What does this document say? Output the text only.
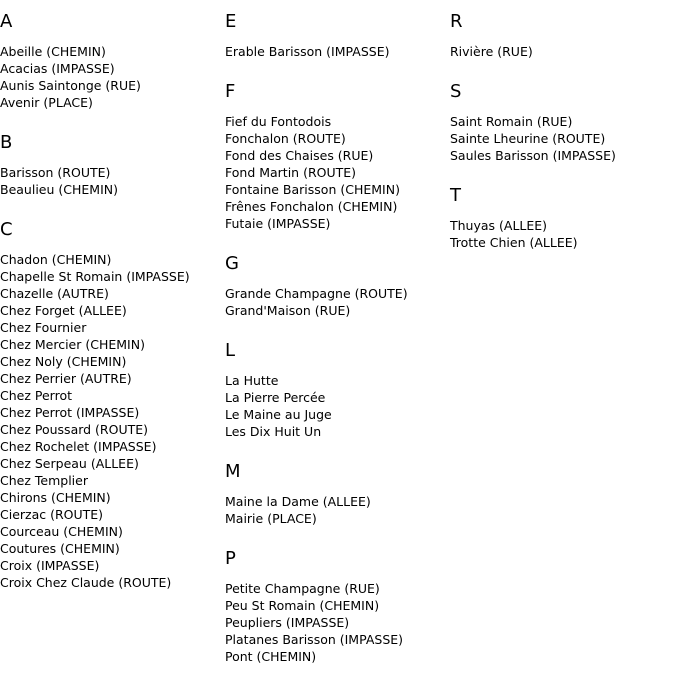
A
Abeille (CHEMIN)
Acacias (IMPASSE)
Aunis Saintonge (RUE)
Avenir (PLACE)
B
Barisson (ROUTE)
Beaulieu (CHEMIN)
C
Chadon (CHEMIN)
Chapelle St Romain (IMPASSE)
Chazelle (AUTRE)
Chez Forget (ALLEE)
Chez Fournier
Chez Mercier (CHEMIN)
Chez Noly (CHEMIN)
Chez Perrier (AUTRE)
Chez Perrot
Chez Perrot (IMPASSE)
Chez Poussard (ROUTE)
Chez Rochelet (IMPASSE)
Chez Serpeau (ALLEE)
Chez Templier
Chirons (CHEMIN)
Cierzac (ROUTE)
Courceau (CHEMIN)
Coutures (CHEMIN)
Croix (IMPASSE)
Croix Chez Claude (ROUTE)
E
Erable Barisson (IMPASSE)
F
Fief du Fontodois
Fonchalon (ROUTE)
Fond des Chaises (RUE)
Fond Martin (ROUTE)
Fontaine Barisson (CHEMIN)
Frênes Fonchalon (CHEMIN)
Futaie (IMPASSE)
G
Grande Champagne (ROUTE)
Grand'Maison (RUE)
L
La Hutte
La Pierre Percée
Le Maine au Juge
Les Dix Huit Un
M
Maine la Dame (ALLEE)
Mairie (PLACE)
P
Petite Champagne (RUE)
Peu St Romain (CHEMIN)
Peupliers (IMPASSE)
Platanes Barisson (IMPASSE)
Pont (CHEMIN)
R
Rivière (RUE)
S
Saint Romain (RUE)
Sainte Lheurine (ROUTE)
Saules Barisson (IMPASSE)
T
Thuyas (ALLEE)
Trotte Chien (ALLEE)
